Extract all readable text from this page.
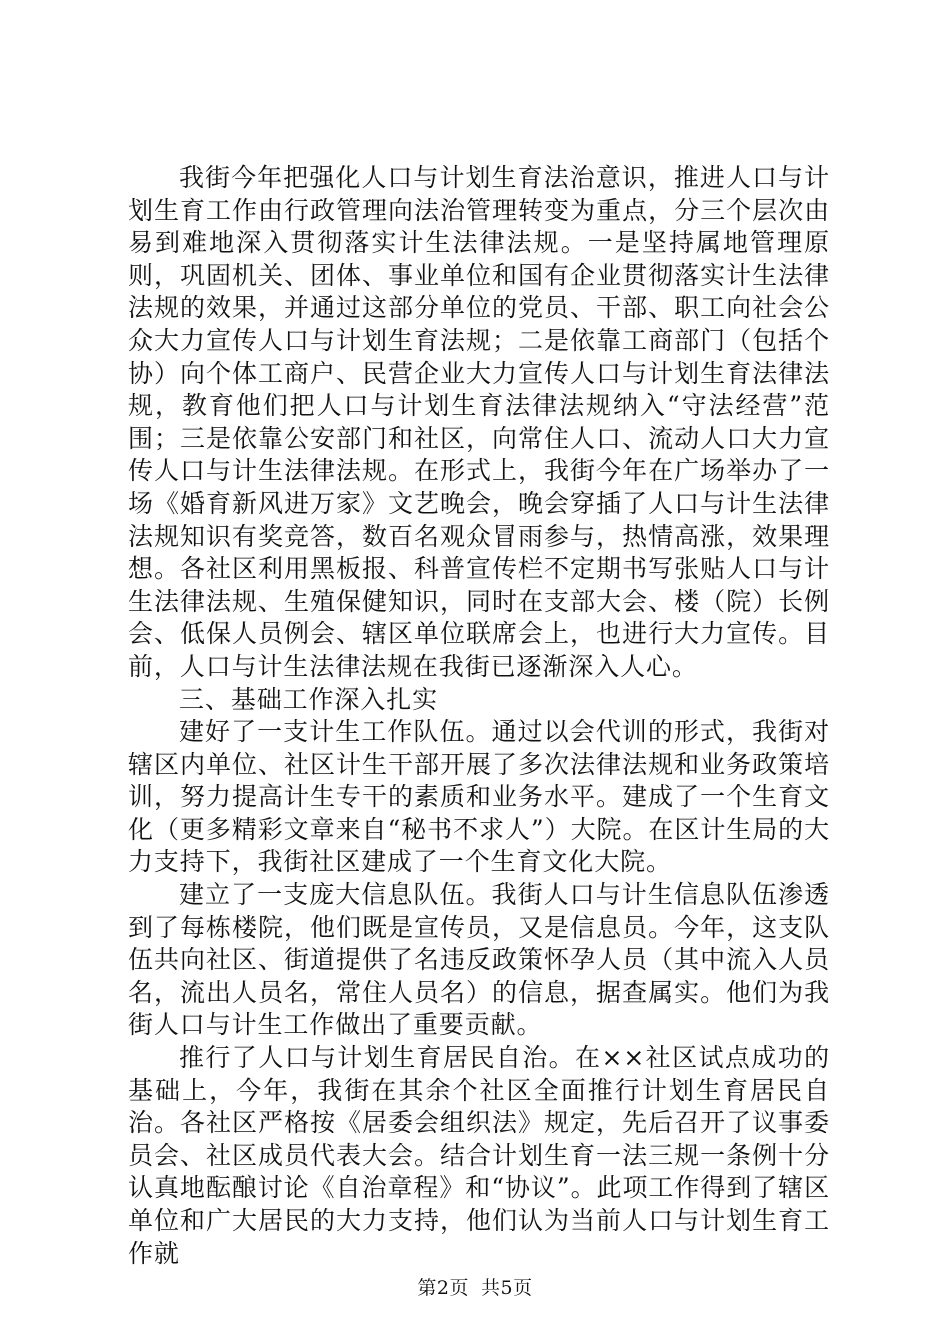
我街今年把强化人口与计划生育法治意识，推进人口与计划生育工作由行政管理向法治管理转变为重点，分三个层次由易到难地深入贯彻落实计生法律法规。一是坚持属地管理原则，巩固机关、团体、事业单位和国有企业贯彻落实计生法律法规的效果，并通过这部分单位的党员、干部、职工向社会公众大力宣传人口与计划生育法规；二是依靠工商部门（包括个协）向个体工商户、民营企业大力宣传人口与计划生育法律法规，教育他们把人口与计划生育法律法规纳入“守法经营”范围；三是依靠公安部门和社区，向常住人口、流动人口大力宣传人口与计生法律法规。在形式上，我街今年在广场举办了一场《婚育新风进万家》文艺晚会，晚会穿插了人口与计生法律法规知识有奖竞答，数百名观众冒雨参与，热情高涨，效果理想。各社区利用黑板报、科普宣传栏不定期书写张贴人口与计生法律法规、生殖保健知识，同时在支部大会、楼（院）长例会、低保人员例会、辖区单位联席会上，也进行大力宣传。目前，人口与计生法律法规在我街已逐渐深入人心。

三、基础工作深入扎实

建好了一支计生工作队伍。通过以会代训的形式，我街对辖区内单位、社区计生干部开展了多次法律法规和业务政策培训，努力提高计生专干的素质和业务水平。建成了一个生育文化（更多精彩文章来自“秘书不求人”）大院。在区计生局的大力支持下，我街社区建成了一个生育文化大院。

建立了一支庞大信息队伍。我街人口与计生信息队伍渗透到了每栋楼院，他们既是宣传员，又是信息员。今年，这支队伍共向社区、街道提供了名违反政策怀孕人员（其中流入人员名，流出人员名，常住人员名）的信息，据查属实。他们为我街人口与计生工作做出了重要贡献。

推行了人口与计划生育居民自治。在××社区试点成功的基础上，今年，我街在其余个社区全面推行计划生育居民自治。各社区严格按《居委会组织法》规定，先后召开了议事委员会、社区成员代表大会。结合计划生育一法三规一条例十分认真地酝酿讨论《自治章程》和“协议”。此项工作得到了辖区单位和广大居民的大力支持，他们认为当前人口与计划生育工作就

第2页 共5页
